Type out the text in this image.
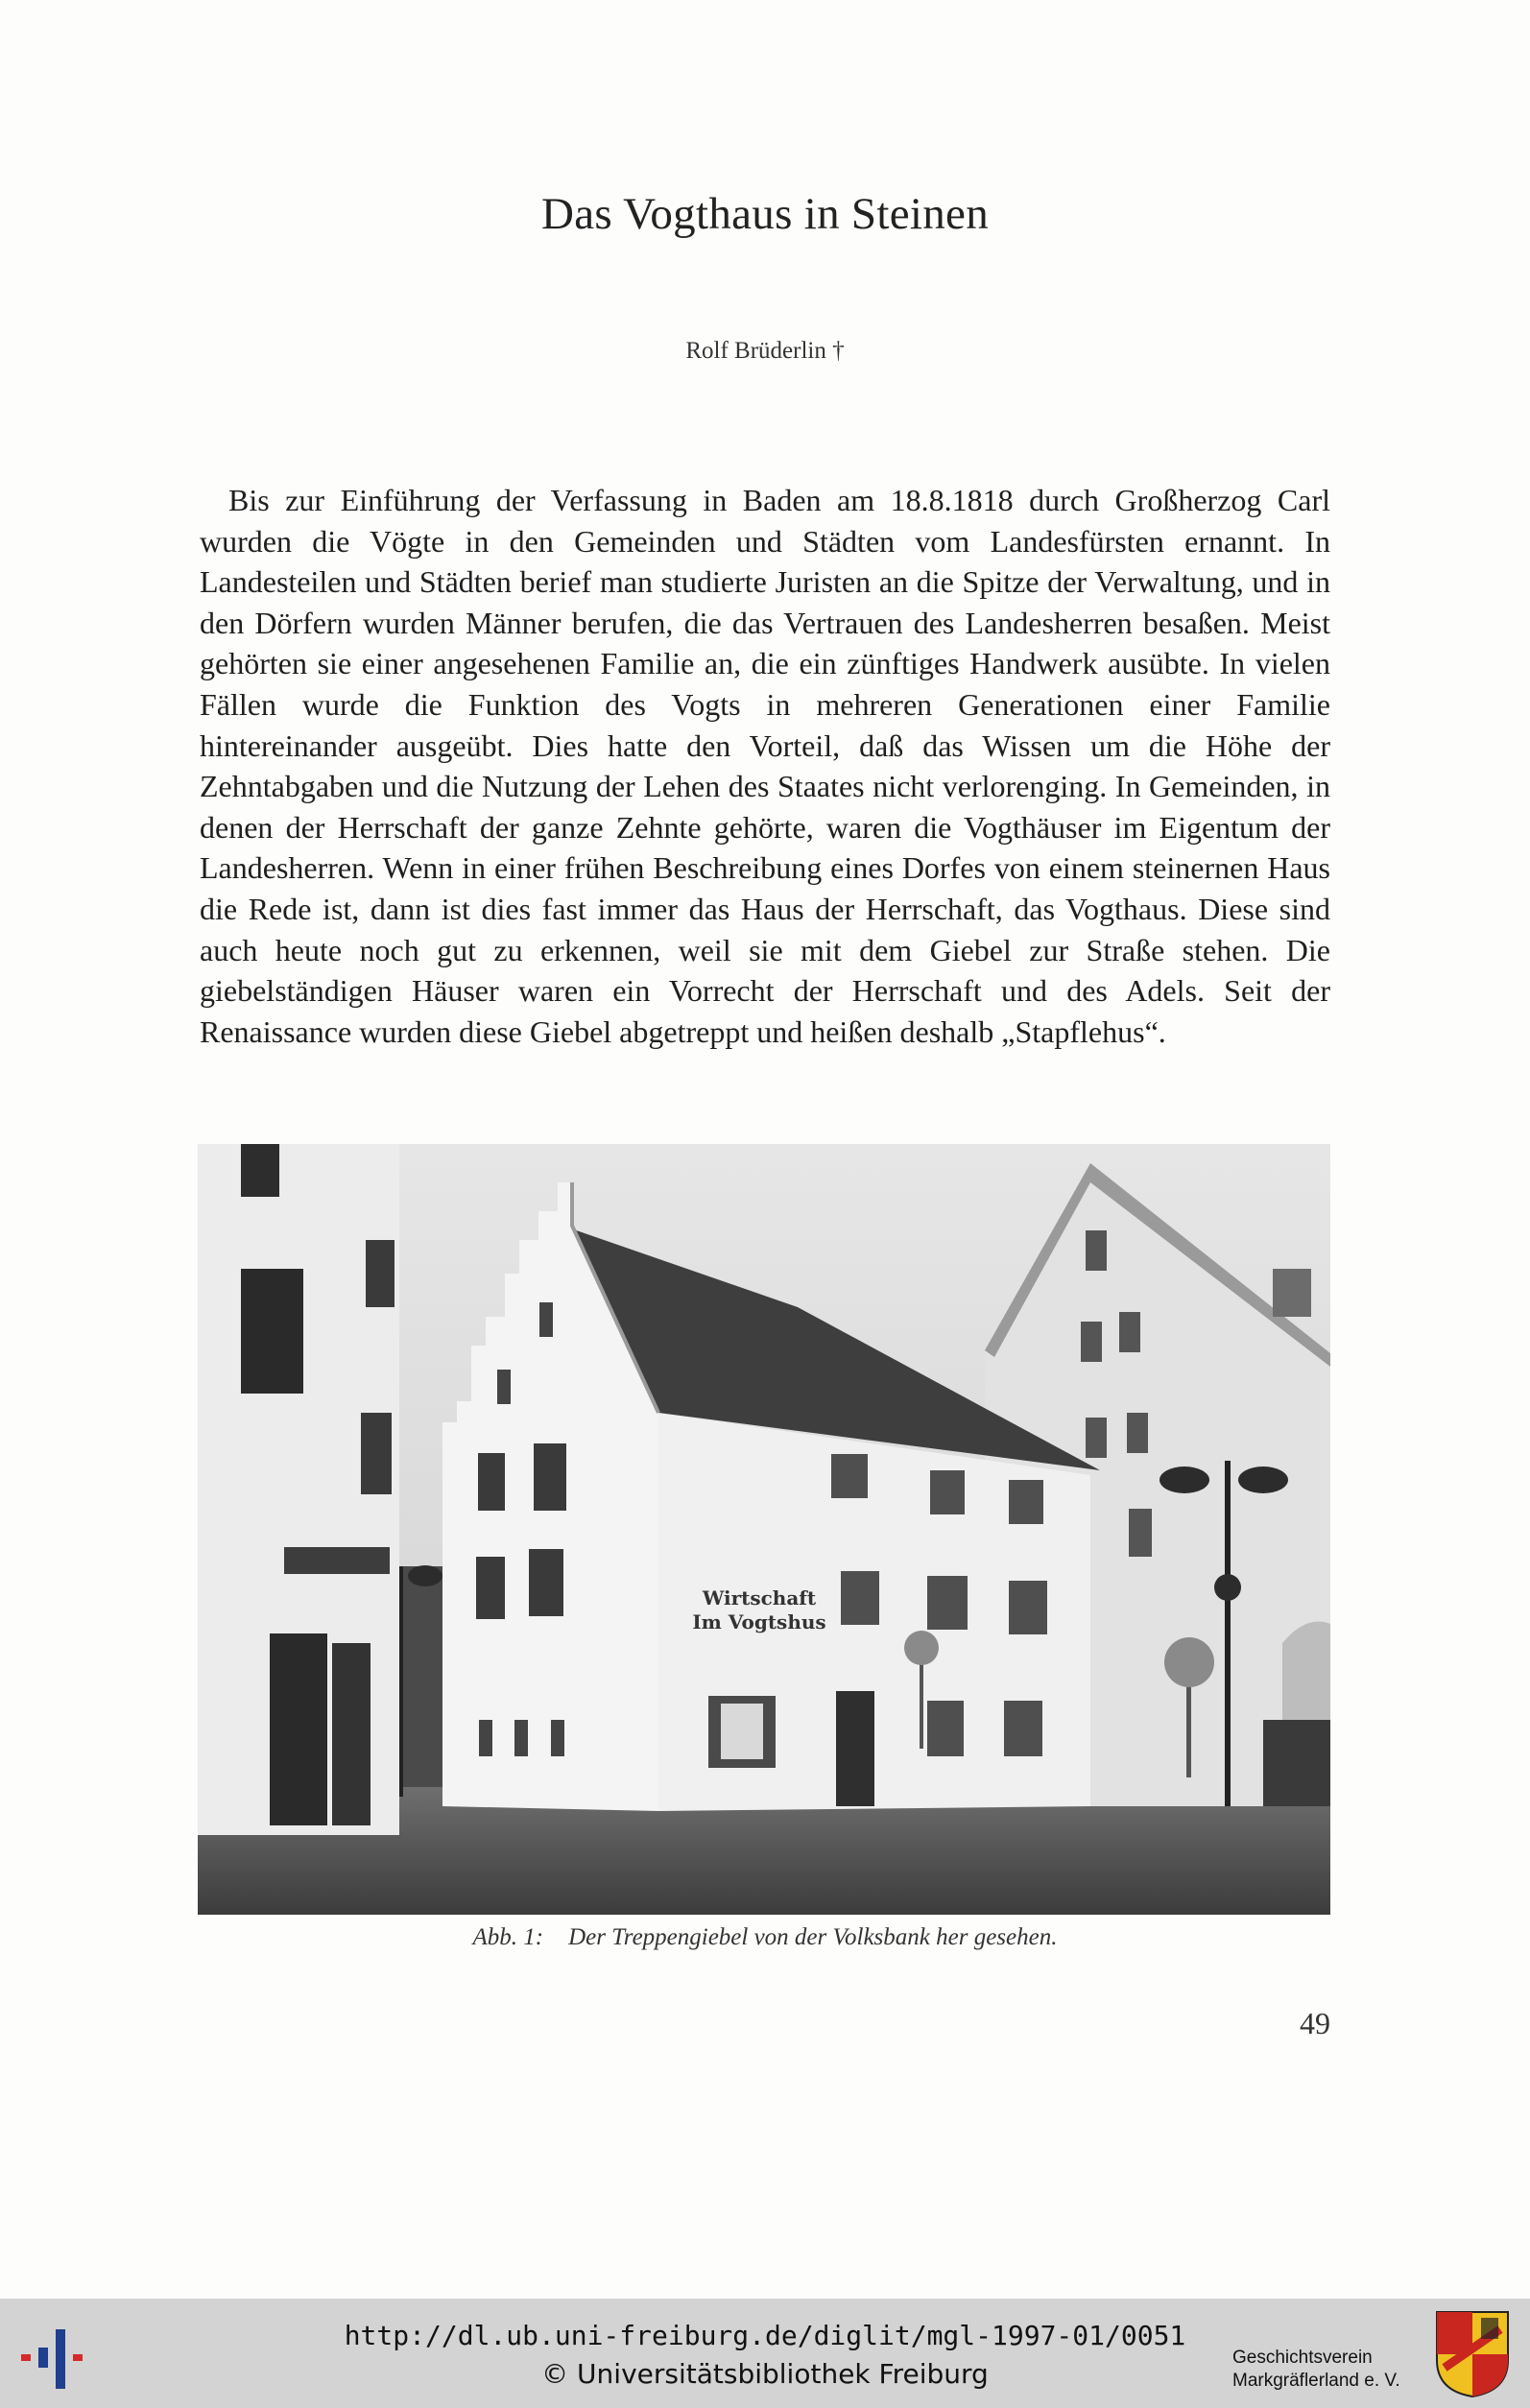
Das Vogthaus in Steinen
Rolf Brüderlin †

Bis zur Einführung der Verfassung in Baden am 18.8.1818 durch Großherzog Carl wurden die Vögte in den Gemeinden und Städten vom Landesfürsten ernannt. In Landesteilen und Städten berief man studierte Juristen an die Spitze der Verwaltung, und in den Dörfern wurden Männer berufen, die das Vertrauen des Landesherren besaßen. Meist gehörten sie einer angesehenen Familie an, die ein zünftiges Handwerk ausübte. In vielen Fällen wurde die Funktion des Vogts in mehreren Generationen einer Familie hintereinander ausgeübt. Dies hatte den Vorteil, daß das Wissen um die Höhe der Zehntabgaben und die Nutzung der Lehen des Staates nicht verlorenging. In Gemeinden, in denen der Herrschaft der ganze Zehnte gehörte, waren die Vogthäuser im Eigentum der Landesherren. Wenn in einer frühen Beschreibung eines Dorfes von einem steinernen Haus die Rede ist, dann ist dies fast immer das Haus der Herrschaft, das Vogthaus. Diese sind auch heute noch gut zu erkennen, weil sie mit dem Giebel zur Straße stehen. Die giebelständigen Häuser waren ein Vorrecht der Herrschaft und des Adels. Seit der Renaissance wurden diese Giebel abgetreppt und heißen deshalb „Stapflehus“.

Wirtschaft
Im Vogtshus
Abb. 1: Der Treppengiebel von der Volksbank her gesehen.
49
http://dl.ub.uni-freiburg.de/diglit/mgl-1997-01/0051
© Universitätsbibliothek Freiburg
Geschichtsverein
Markgräflerland e. V.
